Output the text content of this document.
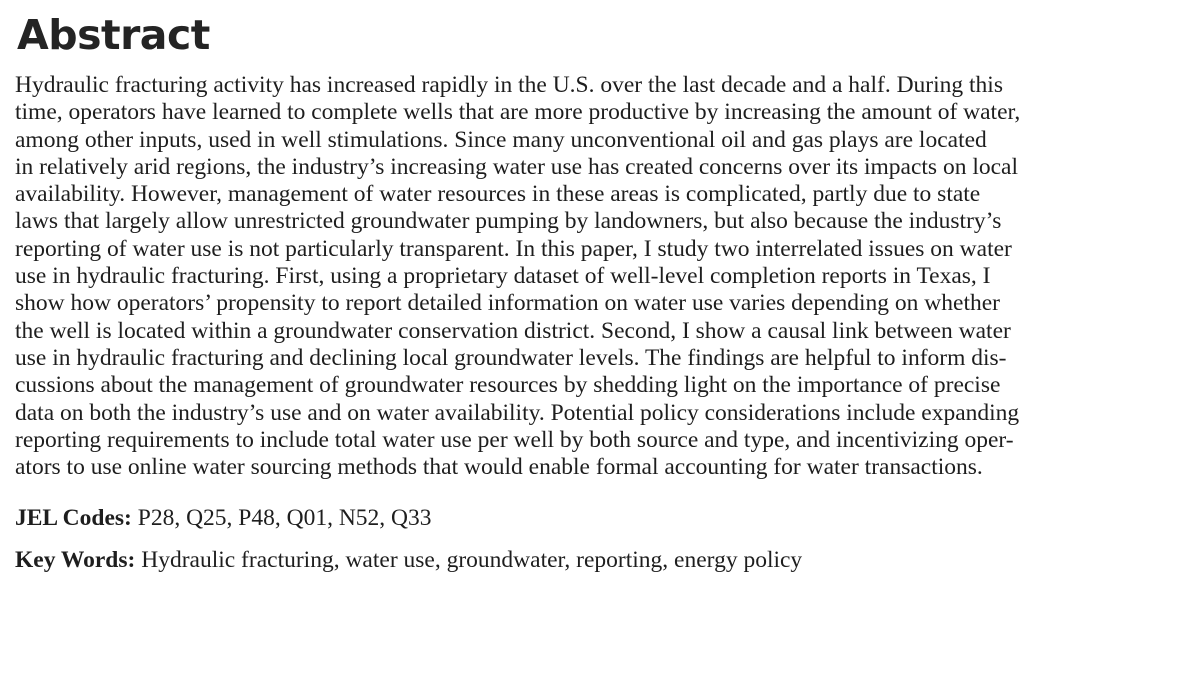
Abstract
Hydraulic fracturing activity has increased rapidly in the U.S. over the last decade and a half. During this
time, operators have learned to complete wells that are more productive by increasing the amount of water,
among other inputs, used in well stimulations. Since many unconventional oil and gas plays are located
in relatively arid regions, the industry’s increasing water use has created concerns over its impacts on local
availability. However, management of water resources in these areas is complicated, partly due to state
laws that largely allow unrestricted groundwater pumping by landowners, but also because the industry’s
reporting of water use is not particularly transparent. In this paper, I study two interrelated issues on water
use in hydraulic fracturing. First, using a proprietary dataset of well-level completion reports in Texas, I
show how operators’ propensity to report detailed information on water use varies depending on whether
the well is located within a groundwater conservation district. Second, I show a causal link between water
use in hydraulic fracturing and declining local groundwater levels. The findings are helpful to inform dis-
cussions about the management of groundwater resources by shedding light on the importance of precise
data on both the industry’s use and on water availability. Potential policy considerations include expanding
reporting requirements to include total water use per well by both source and type, and incentivizing oper-
ators to use online water sourcing methods that would enable formal accounting for water transactions.
JEL Codes: P28, Q25, P48, Q01, N52, Q33
Key Words: Hydraulic fracturing, water use, groundwater, reporting, energy policy
